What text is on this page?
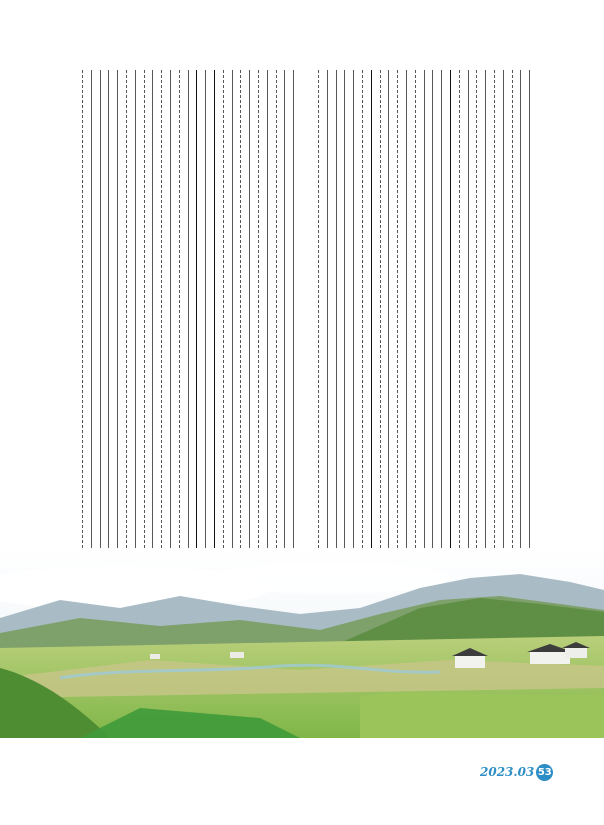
2023.03 53
